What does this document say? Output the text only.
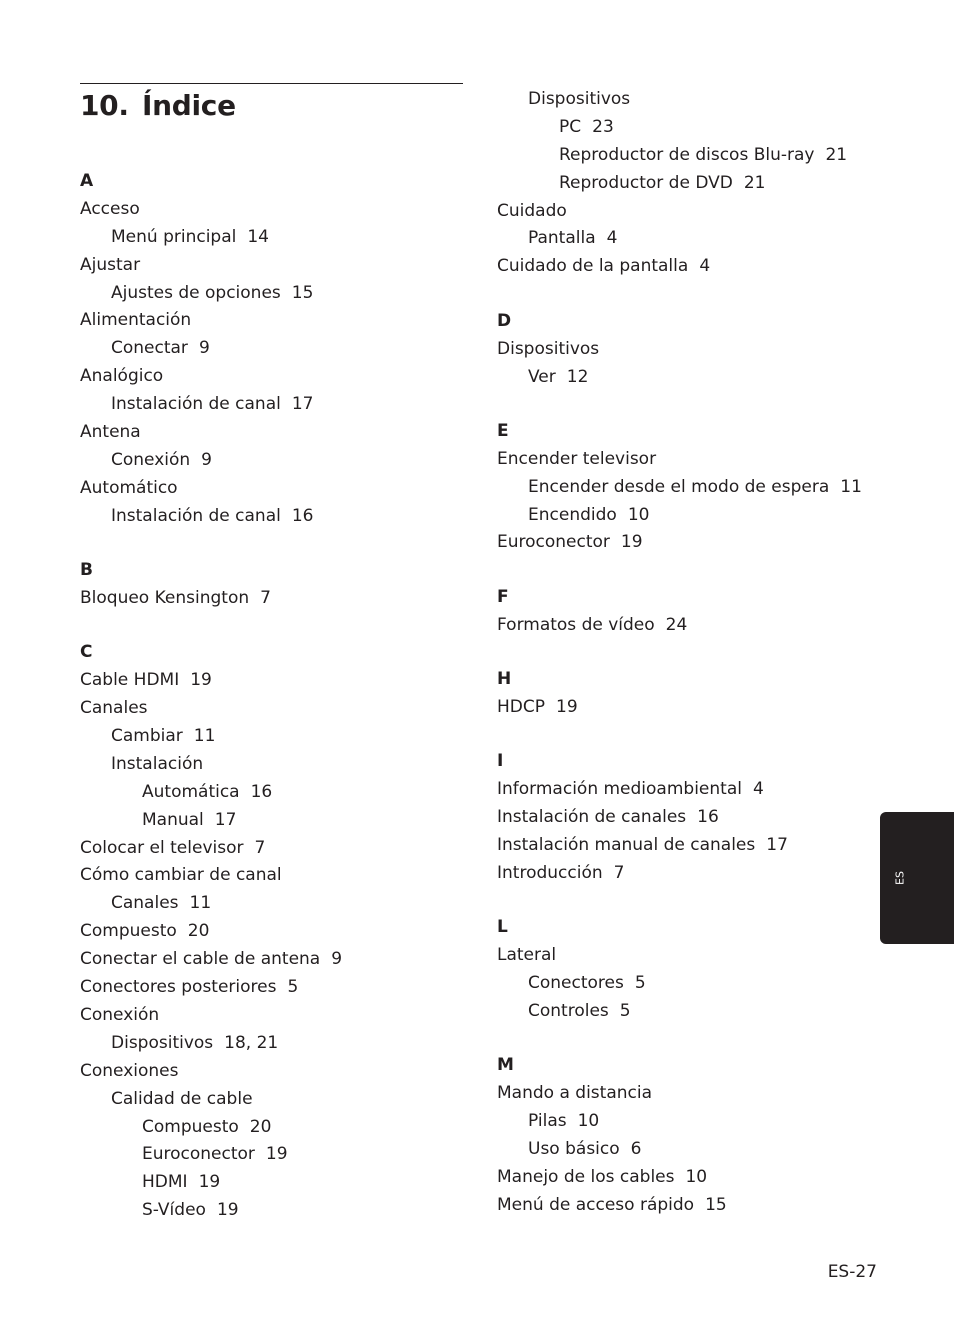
10. Índice
A
Acceso
Menú principal 14
Ajustar
Ajustes de opciones 15
Alimentación
Conectar 9
Analógico
Instalación de canal 17
Antena
Conexión 9
Automático
Instalación de canal 16
B
Bloqueo Kensington 7
C
Cable HDMI 19
Canales
Cambiar 11
Instalación
Automática 16
Manual 17
Colocar el televisor 7
Cómo cambiar de canal
Canales 11
Compuesto 20
Conectar el cable de antena 9
Conectores posteriores 5
Conexión
Dispositivos 18, 21
Conexiones
Calidad de cable
Compuesto 20
Euroconector 19
HDMI 19
S-Vídeo 19
Dispositivos
PC 23
Reproductor de discos Blu-ray 21
Reproductor de DVD 21
Cuidado
Pantalla 4
Cuidado de la pantalla 4
D
Dispositivos
Ver 12
E
Encender televisor
Encender desde el modo de espera 11
Encendido 10
Euroconector 19
F
Formatos de vídeo 24
H
HDCP 19
I
Información medioambiental 4
Instalación de canales 16
Instalación manual de canales 17
Introducción 7
L
Lateral
Conectores 5
Controles 5
M
Mando a distancia
Pilas 10
Uso básico 6
Manejo de los cables 10
Menú de acceso rápido 15
ES
ES-27
